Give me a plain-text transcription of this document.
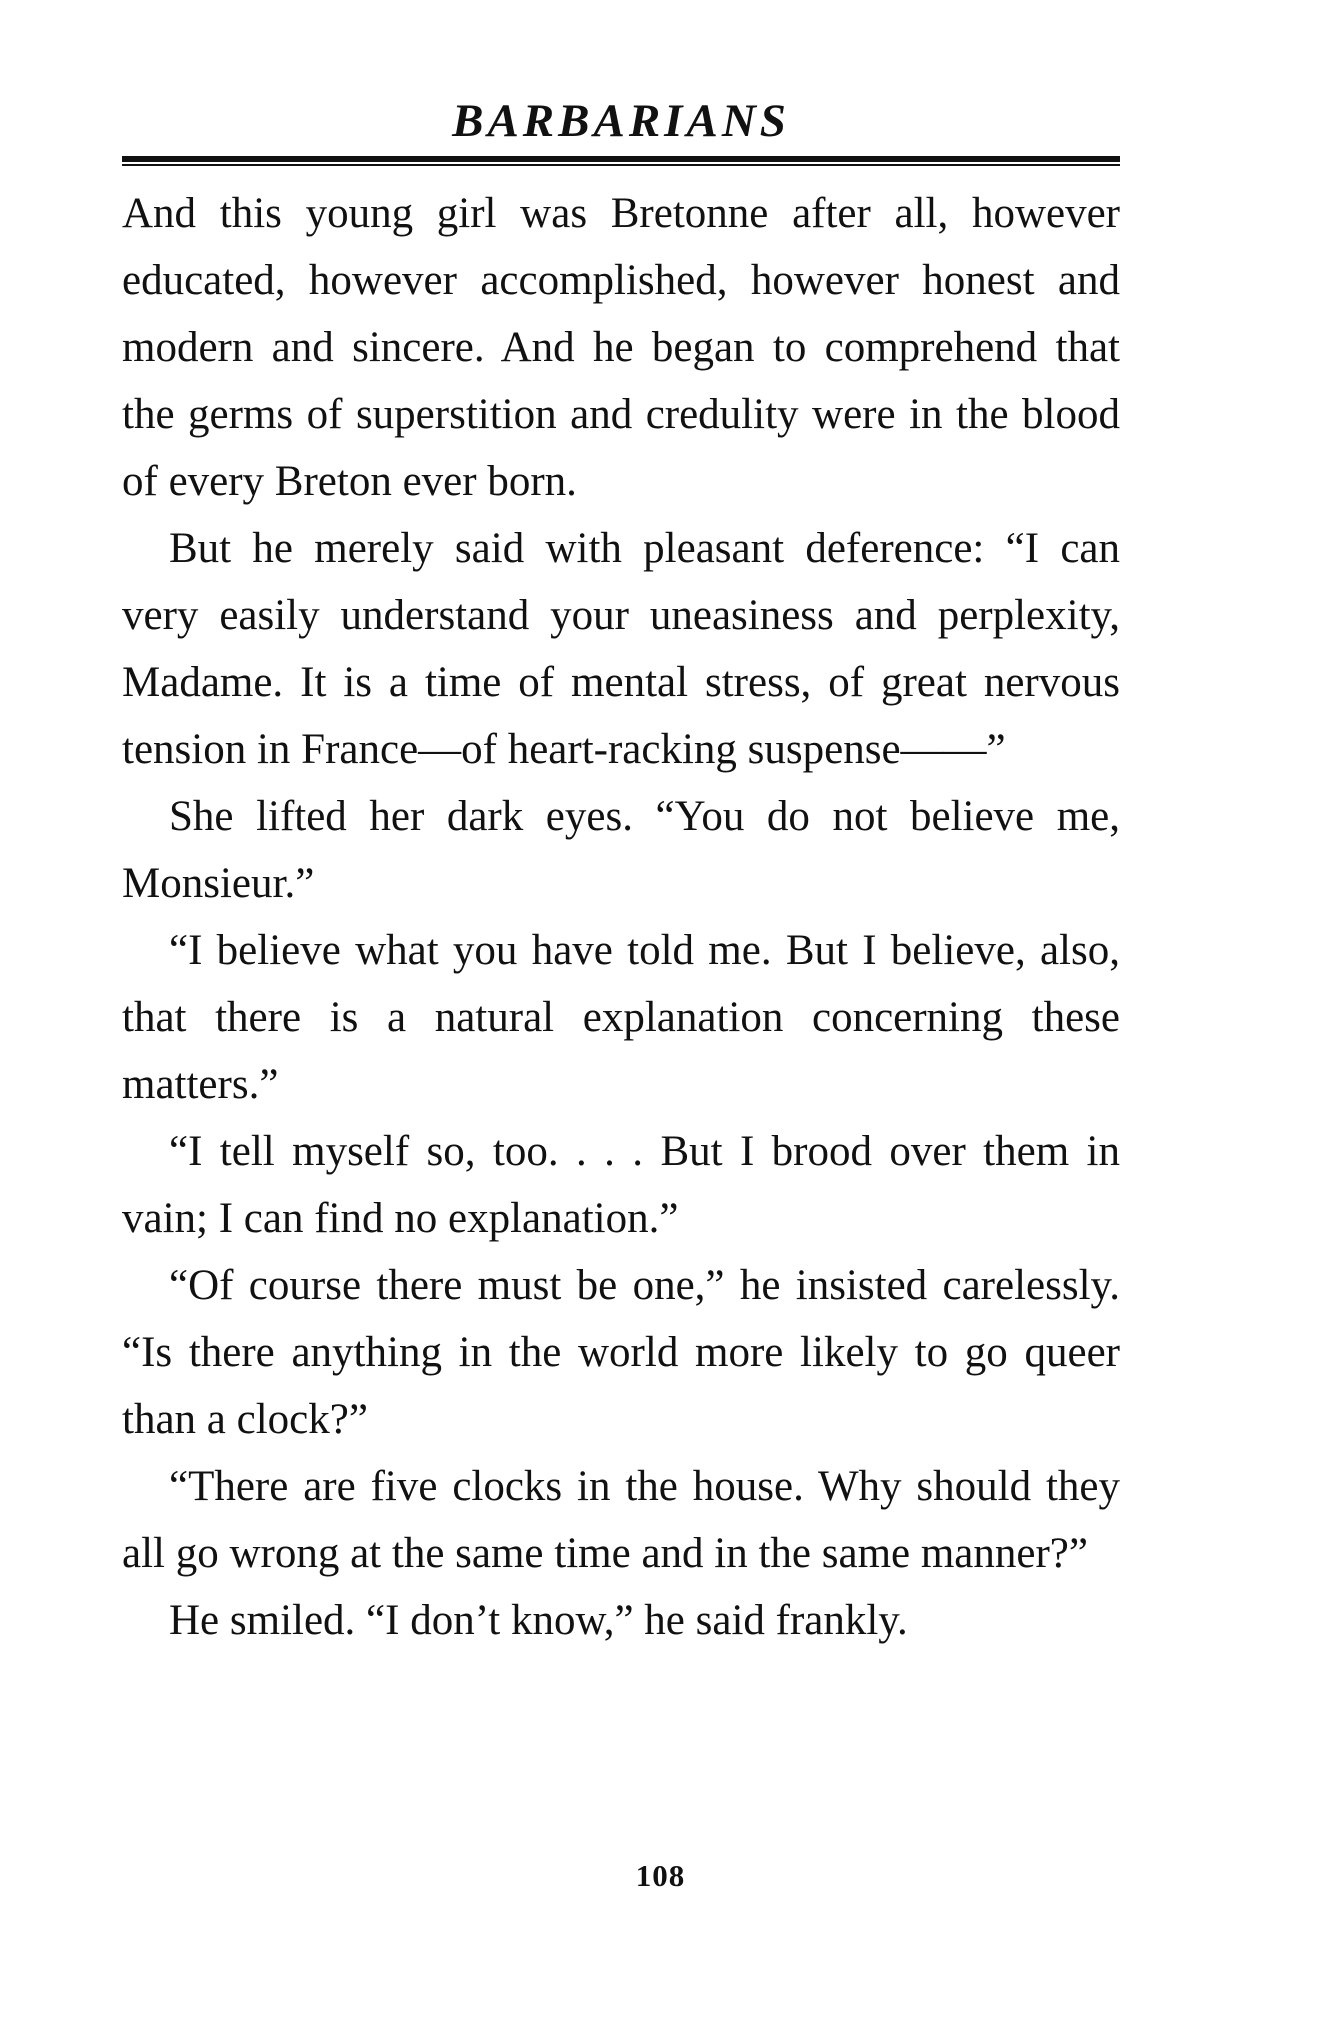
BARBARIANS

And this young girl was Bretonne after all, however educated, however accomplished, however honest and modern and sincere. And he began to comprehend that the germs of superstition and credulity were in the blood of every Breton ever born.

But he merely said with pleasant deference: “I can very easily understand your uneasiness and perplexity, Madame. It is a time of mental stress, of great nervous tension in France—of heart-racking suspense——”

She lifted her dark eyes. “You do not believe me, Monsieur.”

“I believe what you have told me. But I believe, also, that there is a natural explanation concerning these matters.”

“I tell myself so, too. . . . But I brood over them in vain; I can find no explanation.”

“Of course there must be one,” he insisted carelessly. “Is there anything in the world more likely to go queer than a clock?”

“There are five clocks in the house. Why should they all go wrong at the same time and in the same manner?”

He smiled. “I don’t know,” he said frankly.

108
